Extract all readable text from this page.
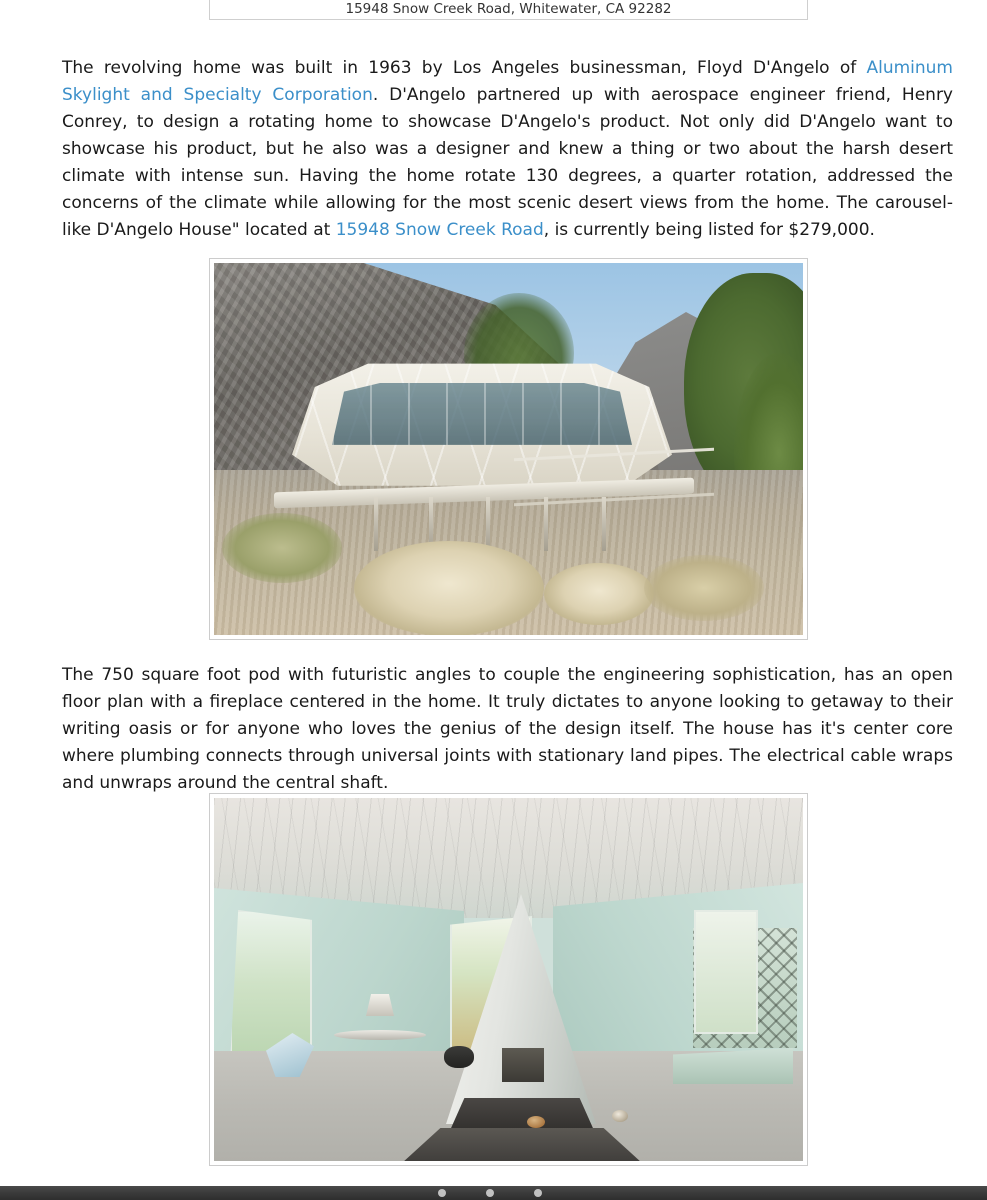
15948 Snow Creek Road, Whitewater, CA 92282

The revolving home was built in 1963 by Los Angeles businessman, Floyd D'Angelo of Aluminum Skylight and Specialty Corporation. D'Angelo partnered up with aerospace engineer friend, Henry Conrey, to design a rotating home to showcase D'Angelo's product. Not only did D'Angelo want to showcase his product, but he also was a designer and knew a thing or two about the harsh desert climate with intense sun. Having the home rotate 130 degrees, a quarter rotation, addressed the concerns of the climate while allowing for the most scenic desert views from the home. The carousel-like D'Angelo House" located at 15948 Snow Creek Road, is currently being listed for $279,000.

The 750 square foot pod with futuristic angles to couple the engineering sophistication, has an open floor plan with a fireplace centered in the home. It truly dictates to anyone looking to getaway to their writing oasis or for anyone who loves the genius of the design itself. The house has it's center core where plumbing connects through universal joints with stationary land pipes. The electrical cable wraps and unwraps around the central shaft.
